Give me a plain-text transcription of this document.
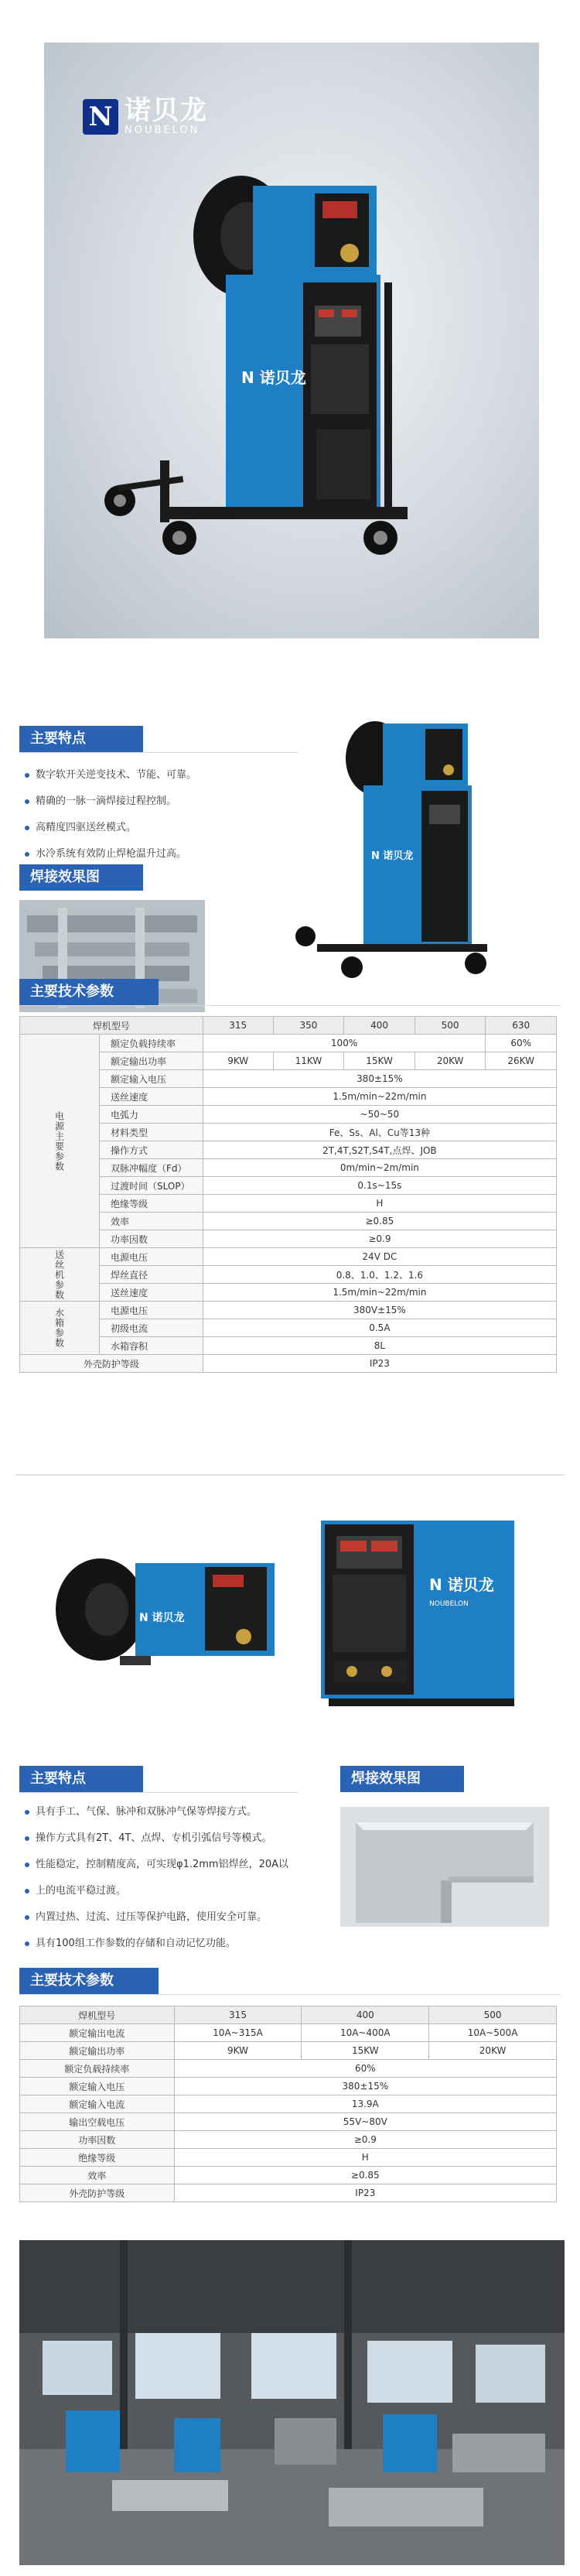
N 诺贝龙
NOUBELON
N 诺贝龙
主要特点
数字软开关逆变技术、节能、可靠。
精确的一脉一滴焊接过程控制。
高精度四驱送丝模式。
水冷系统有效防止焊枪温升过高。
焊接效果图
N 诺贝龙
主要技术参数
焊机型号		315	350	400	500	630
电源主要参数	额定负载持续率	100%				60%
	额定输出功率	9KW	11KW	15KW	20KW	26KW
	额定输入电压	380±15%				
	送丝速度	1.5m/min~22m/min				
	电弧力	~50~50				
	材料类型	Fe、Ss、Al、Cu等13种				
	操作方式	2T,4T,S2T,S4T,点焊、JOB				
	双脉冲幅度（Fd）	0m/min~2m/min				
	过渡时间（SLOP）	0.1s~15s				
	绝缘等级	H				
	效率	≥0.85				
	功率因数	≥0.9				
送丝机参数	电源电压	24V DC				
	焊丝直径	0.8、1.0、1.2、1.6				
	送丝速度	1.5m/min~22m/min				
水箱参数	电源电压	380V±15%				
	初级电流	0.5A				
	水箱容积	8L				
外壳防护等级		IP23				
N 诺贝龙
N 诺贝龙
NOUBELON
主要特点	焊接效果图
具有手工、气保、脉冲和双脉冲气保等焊接方式。
操作方式具有2T、4T、点焊、专机引弧信号等模式。
性能稳定，控制精度高，可实现φ1.2mm铝焊丝，20A以
上的电流平稳过渡。
内置过热、过流、过压等保护电路，使用安全可靠。
具有100组工作参数的存储和自动记忆功能。
主要技术参数
焊机型号	315	400	500
额定输出电流	10A~315A	10A~400A	10A~500A
额定输出功率	9KW	15KW	20KW
额定负载持续率	60%		
额定输入电压	380±15%		
额定输入电流	13.9A		
输出空载电压	55V~80V		
功率因数	≥0.9		
绝缘等级	H		
效率	≥0.85		
外壳防护等级	IP23		
